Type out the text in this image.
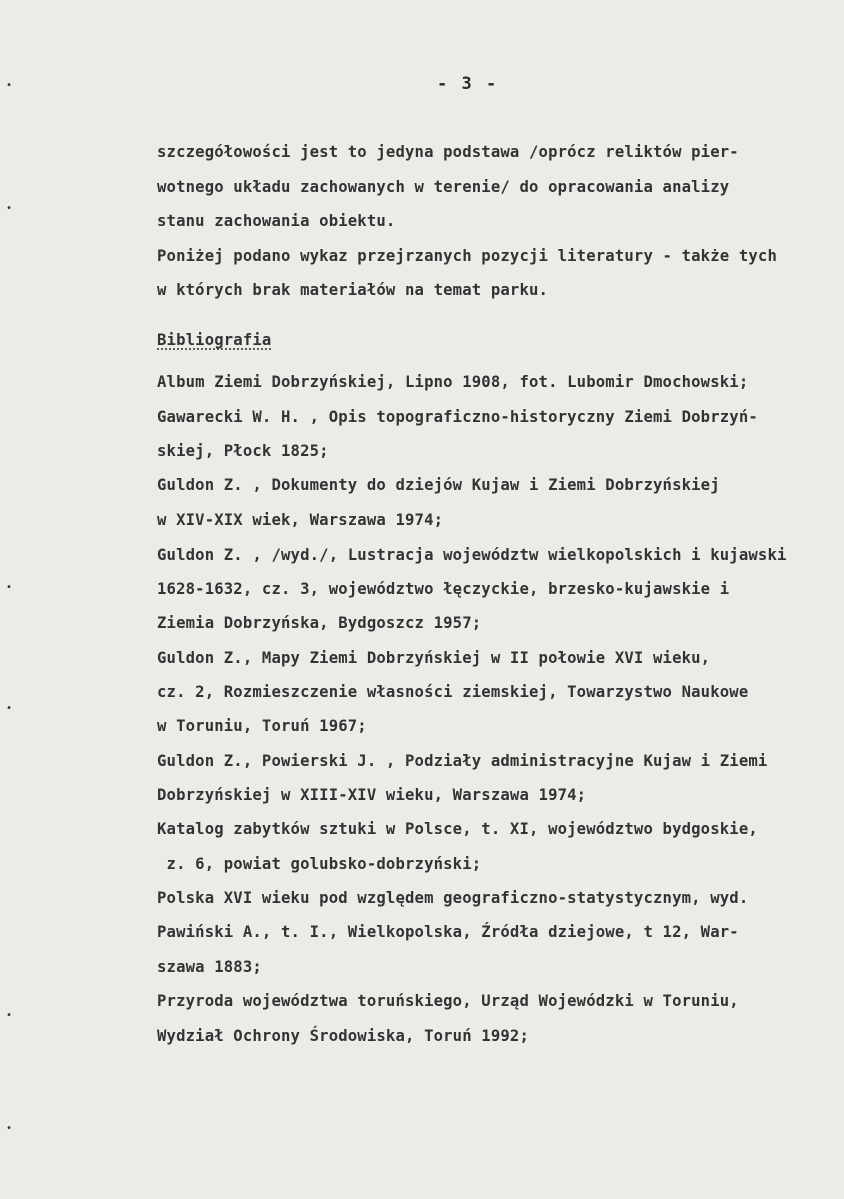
•
•
•
•
•
•
- 3 -
szczegółowości jest to jedyna podstawa /oprócz reliktów pier-
wotnego układu zachowanych w terenie/ do opracowania analizy
stanu zachowania obiektu.
Poniżej podano wykaz przejrzanych pozycji literatury - także tych
w których brak materiałów na temat parku.
Bibliografia
Album Ziemi Dobrzyńskiej, Lipno 1908, fot. Lubomir Dmochowski;
Gawarecki W. H. , Opis topograficzno-historyczny Ziemi Dobrzyń-
skiej, Płock 1825;
Guldon Z. , Dokumenty do dziejów Kujaw i Ziemi Dobrzyńskiej
w XIV-XIX wiek, Warszawa 1974;
Guldon Z. , /wyd./, Lustracja województw wielkopolskich i kujawski
1628-1632, cz. 3, województwo łęczyckie, brzesko-kujawskie i
Ziemia Dobrzyńska, Bydgoszcz 1957;
Guldon Z., Mapy Ziemi Dobrzyńskiej w II połowie XVI wieku,
cz. 2, Rozmieszczenie własności ziemskiej, Towarzystwo Naukowe
w Toruniu, Toruń 1967;
Guldon Z., Powierski J. , Podziały administracyjne Kujaw i Ziemi
Dobrzyńskiej w XIII-XIV wieku, Warszawa 1974;
Katalog zabytków sztuki w Polsce, t. XI, województwo bydgoskie,
z. 6, powiat golubsko-dobrzyński;
Polska XVI wieku pod względem geograficzno-statystycznym, wyd.
Pawiński A., t. I., Wielkopolska, Źródła dziejowe, t 12, War-
szawa 1883;
Przyroda województwa toruńskiego, Urząd Wojewódzki w Toruniu,
Wydział Ochrony Środowiska, Toruń 1992;
